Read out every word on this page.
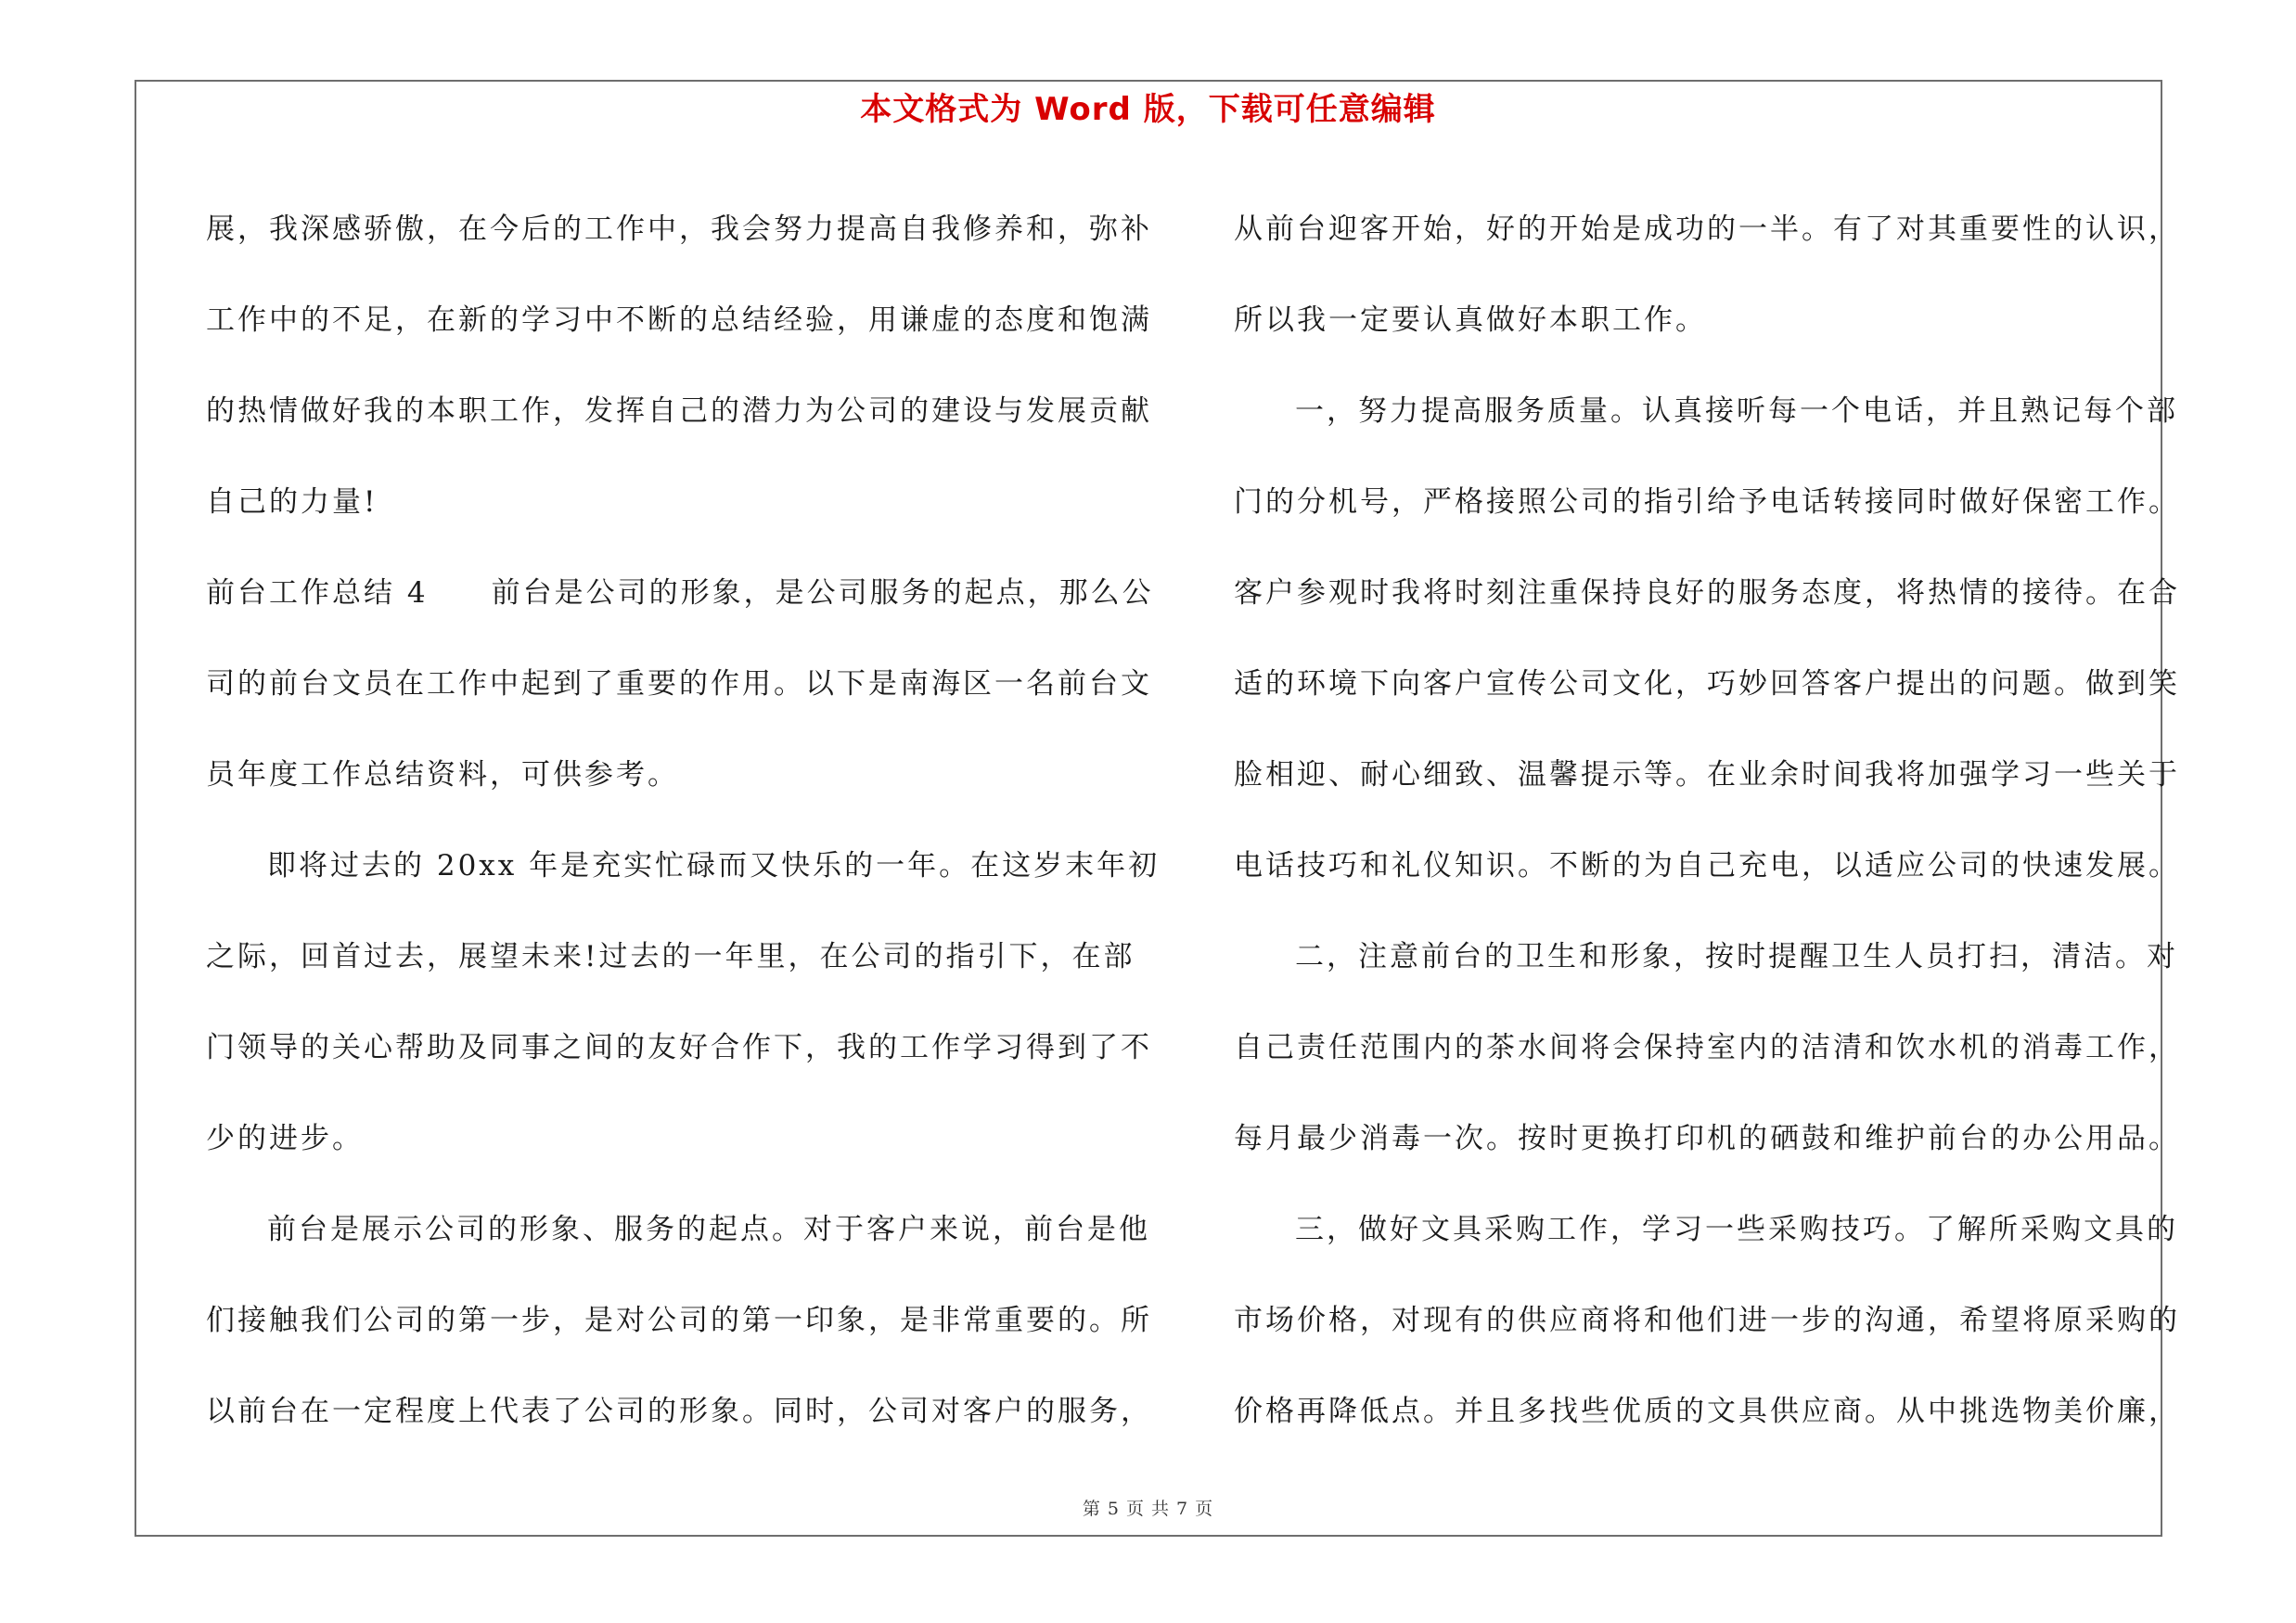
本文格式为 Word 版，下载可任意编辑
展，我深感骄傲，在今后的工作中，我会努力提高自我修养和，弥补
工作中的不足，在新的学习中不断的总结经验，用谦虚的态度和饱满
的热情做好我的本职工作，发挥自己的潜力为公司的建设与发展贡献
自己的力量!
前台工作总结 4　　前台是公司的形象，是公司服务的起点，那么公
司的前台文员在工作中起到了重要的作用。以下是南海区一名前台文
员年度工作总结资料，可供参考。
即将过去的 20xx 年是充实忙碌而又快乐的一年。在这岁末年初
之际，回首过去，展望未来!过去的一年里，在公司的指引下，在部
门领导的关心帮助及同事之间的友好合作下，我的工作学习得到了不
少的进步。
前台是展示公司的形象、服务的起点。对于客户来说，前台是他
们接触我们公司的第一步，是对公司的第一印象，是非常重要的。所
以前台在一定程度上代表了公司的形象。同时，公司对客户的服务，
从前台迎客开始，好的开始是成功的一半。有了对其重要性的认识，
所以我一定要认真做好本职工作。
一，努力提高服务质量。认真接听每一个电话，并且熟记每个部
门的分机号，严格接照公司的指引给予电话转接同时做好保密工作。
客户参观时我将时刻注重保持良好的服务态度，将热情的接待。在合
适的环境下向客户宣传公司文化，巧妙回答客户提出的问题。做到笑
脸相迎、耐心细致、温馨提示等。在业余时间我将加强学习一些关于
电话技巧和礼仪知识。不断的为自己充电，以适应公司的快速发展。
二，注意前台的卫生和形象，按时提醒卫生人员打扫，清洁。对
自己责任范围内的茶水间将会保持室内的洁清和饮水机的消毒工作，
每月最少消毒一次。按时更换打印机的硒鼓和维护前台的办公用品。
三，做好文具采购工作，学习一些采购技巧。了解所采购文具的
市场价格，对现有的供应商将和他们进一步的沟通，希望将原采购的
价格再降低点。并且多找些优质的文具供应商。从中挑选物美价廉，
第 5 页 共 7 页
